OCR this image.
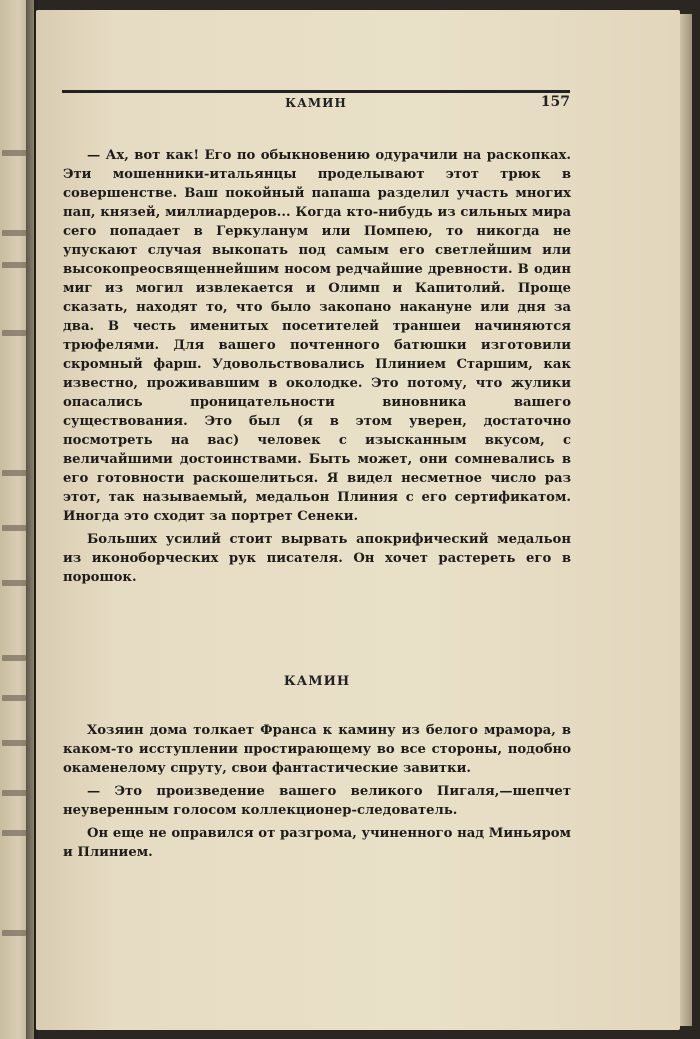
КАМИН	157

— Ах, вот как! Его по обыкновению одурачили на раскопках. Эти мошенники-итальянцы проделывают этот трюк в совершенстве. Ваш покойный папаша разделил участь многих пап, князей, миллиардеров... Когда кто-нибудь из сильных мира сего попадает в Геркуланум или Помпею, то никогда не упускают случая выкопать под самым его светлейшим или высокопреосвященнейшим носом редчайшие древности. В один миг из могил извлекается и Олимп и Капитолий. Проще сказать, находят то, что было закопано накануне или дня за два. В честь именитых посетителей траншеи начиняются трюфелями. Для вашего почтенного батюшки изготовили скромный фарш. Удовольствовались Плинием Старшим, как известно, проживавшим в околодке. Это потому, что жулики опасались проницательности виновника вашего существования. Это был (я в этом уверен, достаточно посмотреть на вас) человек с изысканным вкусом, с величайшими достоинствами. Быть может, они сомневались в его готовности раскошелиться. Я видел несметное число раз этот, так называемый, медальон Плиния с его сертификатом. Иногда это сходит за портрет Сенеки.

Больших усилий стоит вырвать апокрифический медальон из иконоборческих рук писателя. Он хочет растереть его в порошок.

КАМИН

Хозяин дома толкает Франса к камину из белого мрамора, в каком-то исступлении простирающему во все стороны, подобно окаменелому спруту, свои фантастические завитки.

— Это произведение вашего великого Пигаля,—шепчет неуверенным голосом коллекционер-следователь.

Он еще не оправился от разгрома, учиненного над Миньяром и Плинием.
